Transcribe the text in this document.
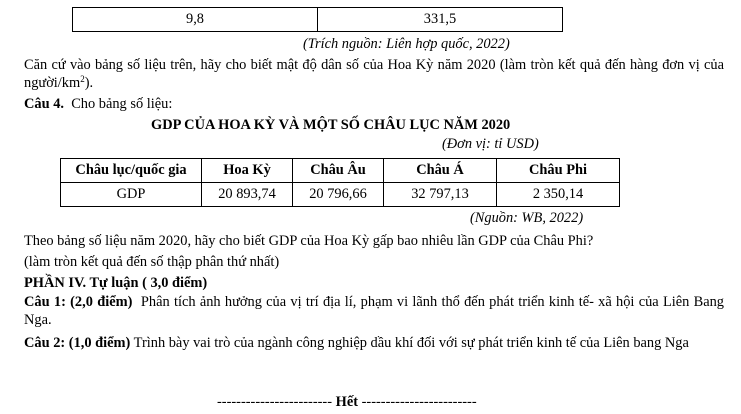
9,8	331,5
(Trích nguồn: Liên hợp quốc, 2022)
Căn cứ vào bảng số liệu trên, hãy cho biết mật độ dân số của Hoa Kỳ năm 2020 (làm tròn kết quả đến hàng đơn vị của người/$km^2$).
Câu 4. Cho bảng số liệu:
GDP CỦA HOA KỲ VÀ MỘT SỐ CHÂU LỤC NĂM 2020
(Đơn vị: tỉ USD)
Châu lục/quốc gia	Hoa Kỳ	Châu Âu	Châu Á	Châu Phi
GDP	20 893,74	20 796,66	32 797,13	2 350,14
(Nguồn: WB, 2022)
Theo bảng số liệu năm 2020, hãy cho biết GDP của Hoa Kỳ gấp bao nhiêu lần GDP của Châu Phi?
(làm tròn kết quả đến số thập phân thứ nhất)
PHẦN IV. Tự luận ( 3,0 điểm)
Câu 1: (2,0 điểm) Phân tích ảnh hưởng của vị trí địa lí, phạm vi lãnh thổ đến phát triển kinh tế- xã hội của Liên Bang Nga.
Câu 2: (1,0 điểm) Trình bày vai trò của ngành công nghiệp dầu khí đối với sự phát triển kinh tế của Liên bang Nga
------------------------ Hết ------------------------
